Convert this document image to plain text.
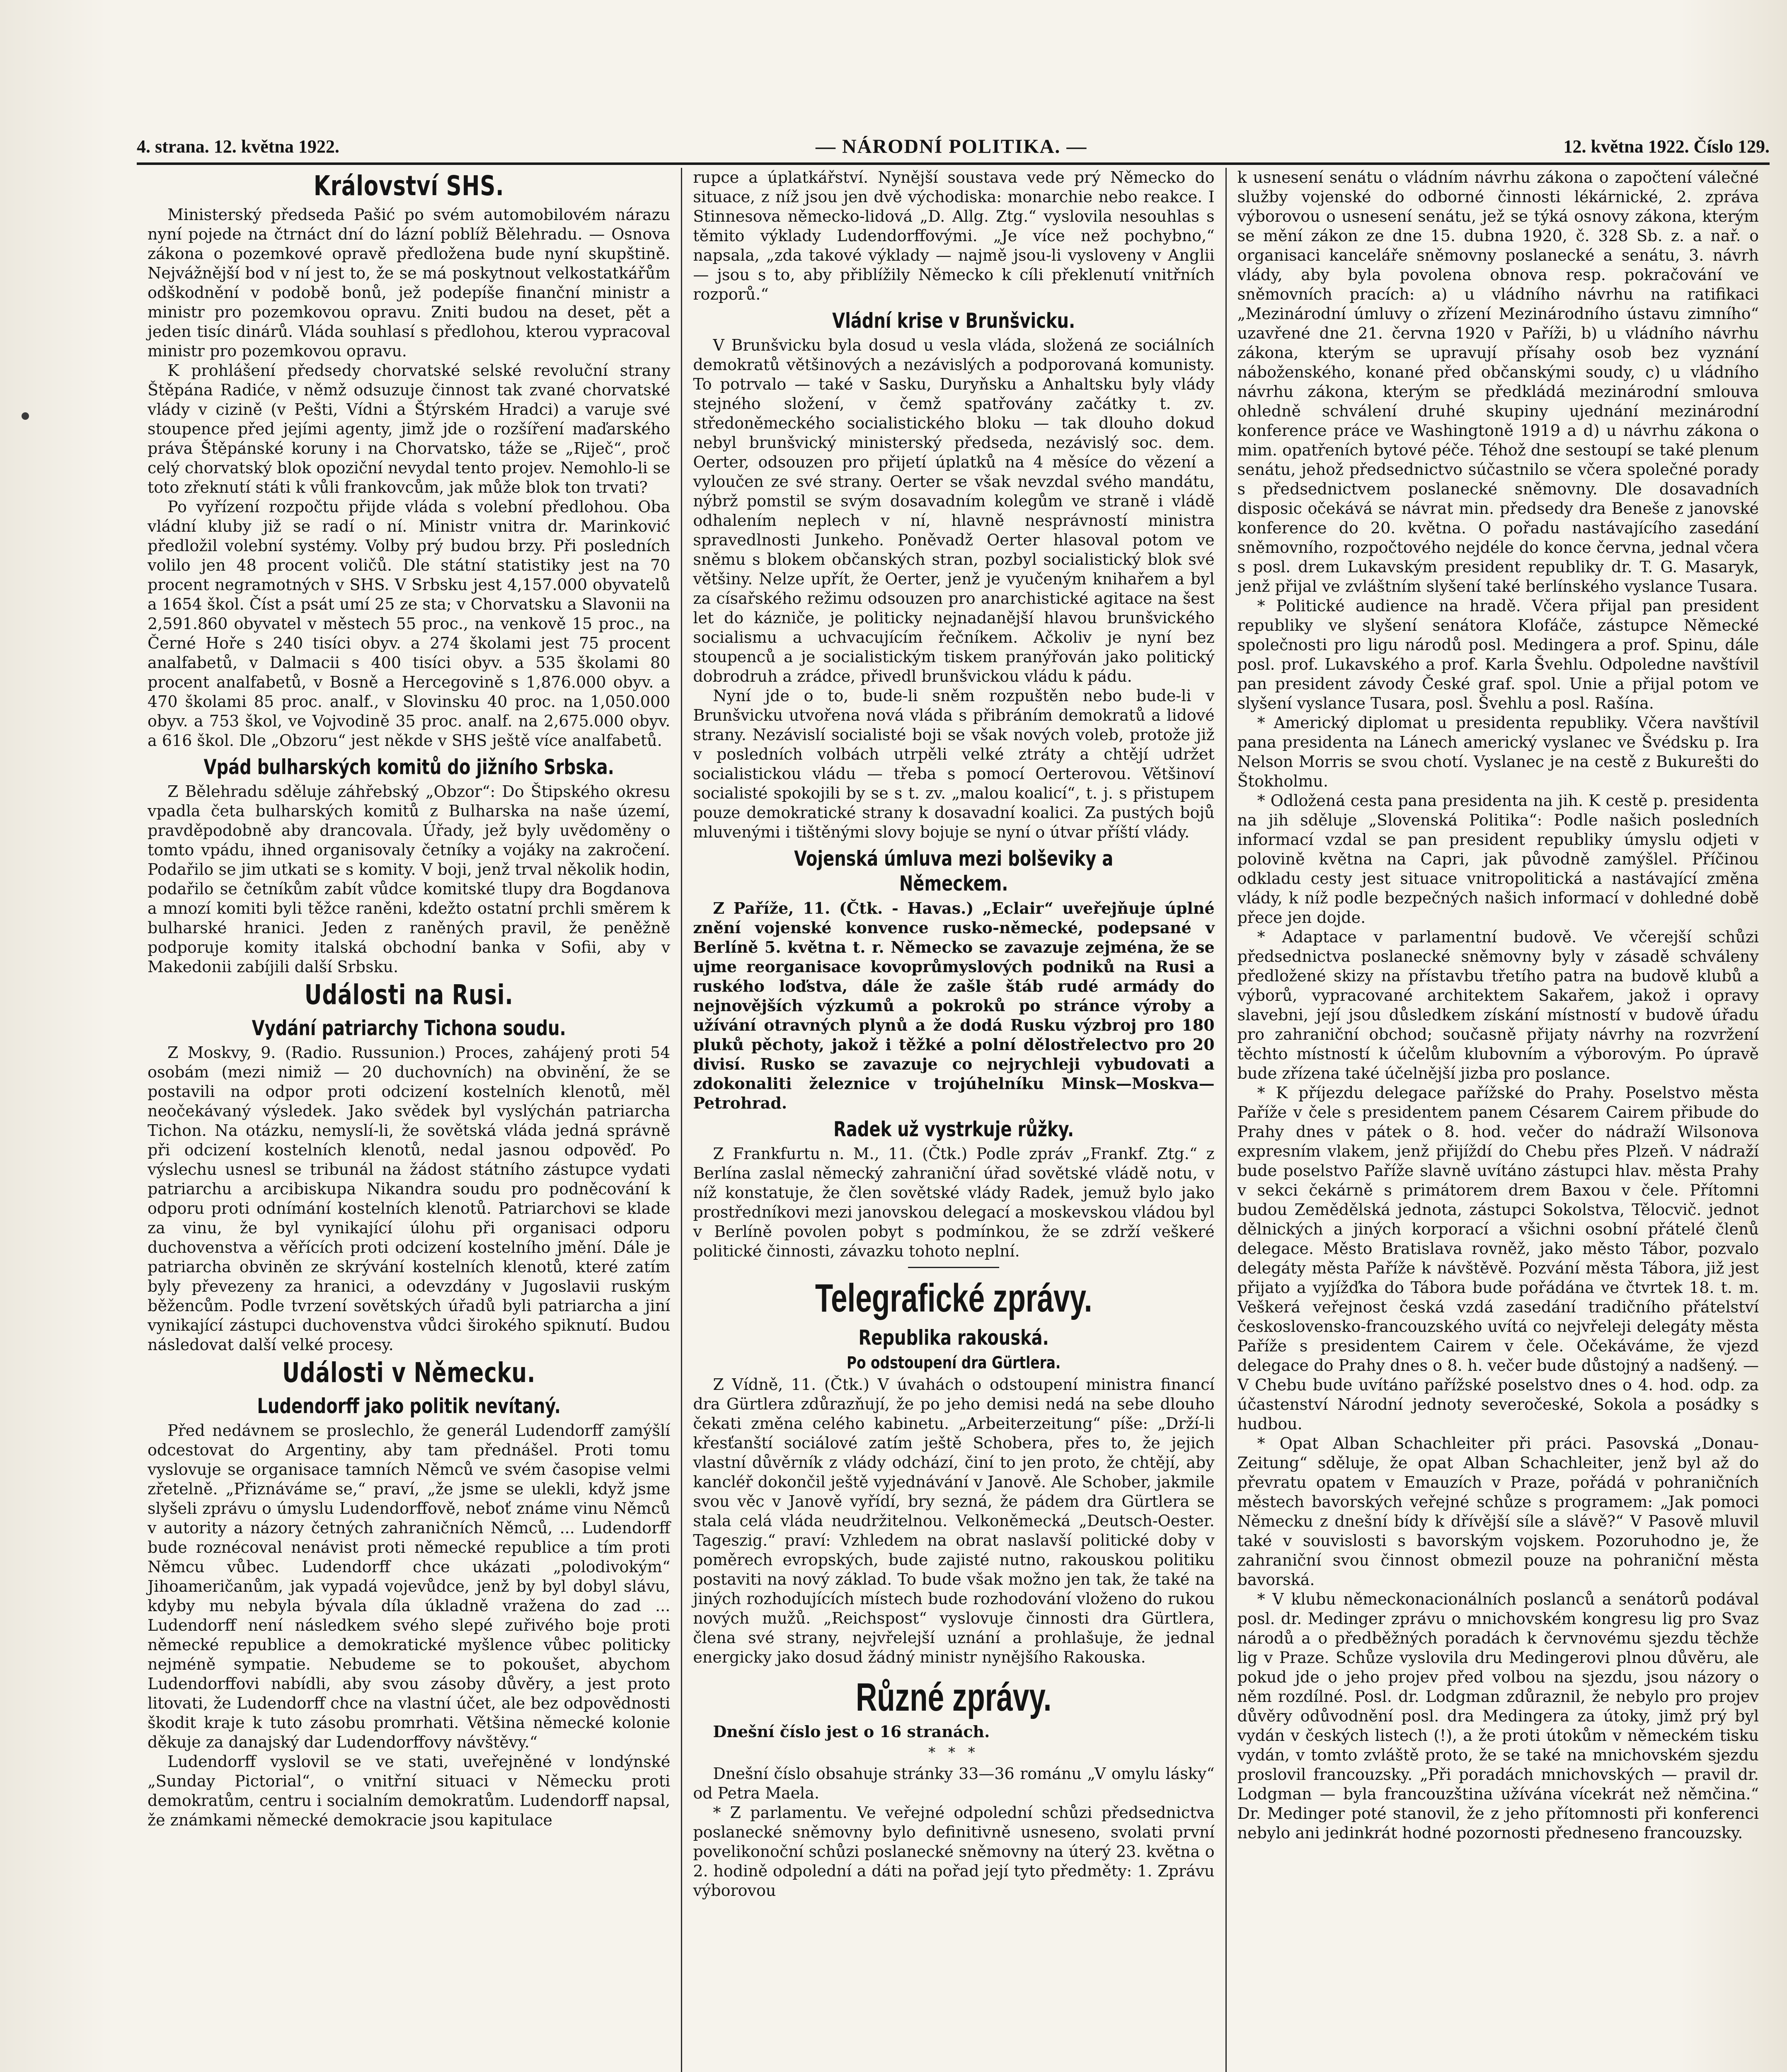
4. strana. 12. května 1922.	— NÁRODNÍ POLITIKA. —	12. května 1922. Číslo 129.
Království SHS.

Ministerský předseda Pašić po svém automobilovém nárazu nyní pojede na čtrnáct dní do lázní poblíž Bělehradu. — Osnova zákona o pozemkové opravě předložena bude nyní skupštině. Nejvážnější bod v ní jest to, že se má poskytnout velkostatkářům odškodnění v podobě bonů, jež podepíše finanční ministr a ministr pro pozemkovou opravu. Zniti budou na deset, pět a jeden tisíc dinárů. Vláda souhlasí s předlohou, kterou vypracoval ministr pro pozemkovou opravu.

K prohlášení předsedy chorvatské selské revoluční strany Štěpána Radiće, v němž odsuzuje činnost tak zvané chorvatské vlády v cizině (v Pešti, Vídni a Štýrském Hradci) a varuje své stoupence před jejími agenty, jimž jde o rozšíření maďarského práva Štěpánské koruny i na Chorvatsko, táže se „Riječ“, proč celý chorvatský blok opoziční nevydal tento projev. Nemohlo-li se toto zřeknutí státi k vůli frankovcům, jak může blok ton trvati?

Po vyřízení rozpočtu přijde vláda s volební předlohou. Oba vládní kluby již se radí o ní. Ministr vnitra dr. Marinković předložil volební systémy. Volby prý budou brzy. Při posledních volilo jen 48 procent voličů. Dle státní statistiky jest na 70 procent negramotných v SHS. V Srbsku jest 4,157.000 obyvatelů a 1654 škol. Číst a psát umí 25 ze sta; v Chorvatsku a Slavonii na 2,591.860 obyvatel v městech 55 proc., na venkově 15 proc., na Černé Hoře s 240 tisíci obyv. a 274 školami jest 75 procent analfabetů, v Dalmacii s 400 tisíci obyv. a 535 školami 80 procent analfabetů, v Bosně a Hercegovině s 1,876.000 obyv. a 470 školami 85 proc. analf., v Slovinsku 40 proc. na 1,050.000 obyv. a 753 škol, ve Vojvodině 35 proc. analf. na 2,675.000 obyv. a 616 škol. Dle „Obzoru“ jest někde v SHS ještě více analfabetů.

Vpád bulharských komitů do jižního Srbska.

Z Bělehradu sděluje záhřebský „Obzor“: Do Štipského okresu vpadla četa bulharských komitů z Bulharska na naše území, pravděpodobně aby drancovala. Úřady, jež byly uvědoměny o tomto vpádu, ihned organisovaly četníky a vojáky na zakročení. Podařilo se jim utkati se s komity. V boji, jenž trval několik hodin, podařilo se četníkům zabít vůdce komitské tlupy dra Bogdanova a mnozí komiti byli těžce raněni, kdežto ostatní prchli směrem k bulharské hranici. Jeden z raněných pravil, že peněžně podporuje komity italská obchodní banka v Sofii, aby v Makedonii zabíjili další Srbsku.

Události na Rusi.
Vydání patriarchy Tichona soudu.

Z Moskvy, 9. (Radio. Russunion.) Proces, zahájený proti 54 osobám (mezi nimiž — 20 duchovních) na obvinění, že se postavili na odpor proti odcizení kostelních klenotů, měl neočekávaný výsledek. Jako svědek byl vyslýchán patriarcha Tichon. Na otázku, nemyslí-li, že sovětská vláda jedná správně při odcizení kostelních klenotů, nedal jasnou odpověď. Po výslechu usnesl se tribunál na žádost státního zástupce vydati patriarchu a arcibiskupa Nikandra soudu pro podněcování k odporu proti odnímání kostelních klenotů. Patriarchovi se klade za vinu, že byl vynikající úlohu při organisaci odporu duchovenstva a věřících proti odcizení kostelního jmění. Dále je patriarcha obviněn ze skrývání kostelních klenotů, které zatím byly převezeny za hranici, a odevzdány v Jugoslavii ruským běžencům. Podle tvrzení sovětských úřadů byli patriarcha a jiní vynikající zástupci duchovenstva vůdci širokého spiknutí. Budou následovat další velké procesy.

Události v Německu.
Ludendorff jako politik nevítaný.

Před nedávnem se proslechlo, že generál Ludendorff zamýšlí odcestovat do Argentiny, aby tam přednášel. Proti tomu vyslovuje se organisace tamních Němců ve svém časopise velmi zřetelně. „Přiznáváme se,“ praví, „že jsme se ulekli, když jsme slyšeli zprávu o úmyslu Ludendorffově, neboť známe vinu Němců v autority a názory četných zahraničních Němců, ... Ludendorff bude roznécoval nenávist proti německé republice a tím proti Němcu vůbec. Ludendorff chce ukázati „polodivokým“ Jihoameričanům, jak vypadá vojevůdce, jenž by byl dobyl slávu, kdyby mu nebyla bývala díla úkladně vražena do zad ... Ludendorff není následkem svého slepé zuřivého boje proti německé republice a demokratické myšlence vůbec politicky nejméně sympatie. Nebudeme se to pokoušet, abychom Ludendorffovi nabídli, aby svou zásoby důvěry, a jest proto litovati, že Ludendorff chce na vlastní účet, ale bez odpovědnosti škodit kraje k tuto zásobu promrhati. Většina německé kolonie děkuje za danajský dar Ludendorffovy návštěvy.“

Ludendorff vyslovil se ve stati, uveřejněné v londýnské „Sunday Pictorial“, o vnitřní situaci v Německu proti demokratům, centru i socialním demokratům. Ludendorff napsal, že známkami německé demokracie jsou kapitulace

rupce a úplatkářství. Nynější soustava vede prý Německo do situace, z níž jsou jen dvě východiska: monarchie nebo reakce. I Stinnesova německo-lidová „D. Allg. Ztg.“ vyslovila nesouhlas s těmito výklady Ludendorffovými. „Je více než pochybno,“ napsala, „zda takové výklady — najmě jsou-li vysloveny v Anglii — jsou s to, aby přiblížily Německo k cíli překlenutí vnitřních rozporů.“

Vládní krise v Brunšvicku.

V Brunšvicku byla dosud u vesla vláda, složená ze sociálních demokratů většinových a nezávislých a podporovaná komunisty. To potrvalo — také v Sasku, Duryňsku a Anhaltsku byly vlády stejného složení, v čemž spatřovány začátky t. zv. středoněmeckého socialistického bloku — tak dlouho dokud nebyl brunšvický ministerský předseda, nezávislý soc. dem. Oerter, odsouzen pro přijetí úplatků na 4 měsíce do vězení a vyloučen ze své strany. Oerter se však nevzdal svého mandátu, nýbrž pomstil se svým dosavadním kolegům ve straně i vládě odhalením neplech v ní, hlavně nesprávností ministra spravedlnosti Junkeho. Poněvadž Oerter hlasoval potom ve sněmu s blokem občanských stran, pozbyl socialistický blok své většiny. Nelze upřít, že Oerter, jenž je vyučeným knihařem a byl za císařského režimu odsouzen pro anarchistické agitace na šest let do kázniče, je politicky nejnadanější hlavou brunšvického socialismu a uchvacujícím řečníkem. Ačkoliv je nyní bez stoupenců a je socialistickým tiskem pranýřován jako politický dobrodruh a zrádce, přivedl brunšvickou vládu k pádu.

Nyní jde o to, bude-li sněm rozpuštěn nebo bude-li v Brunšvicku utvořena nová vláda s přibráním demokratů a lidové strany. Nezávislí socialisté boji se však nových voleb, protože již v posledních volbách utrpěli velké ztráty a chtějí udržet socialistickou vládu — třeba s pomocí Oerterovou. Většinoví socialisté spokojili by se s t. zv. „malou koalicí“, t. j. s přistupem pouze demokratické strany k dosavadní koalici. Za pustých bojů mluvenými i tištěnými slovy bojuje se nyní o útvar příští vlády.

Vojenská úmluva mezi bolševiky a Německem.

Z Paříže, 11. (Čtk. - Havas.) „Eclair“ uveřejňuje úplné znění vojenské konvence rusko-německé, podepsané v Berlíně 5. května t. r. Německo se zavazuje zejména, že se ujme reorganisace kovoprůmyslových podniků na Rusi a ruského loďstva, dále že zašle štáb rudé armády do nejnovějších výzkumů a pokroků po stránce výroby a užívání otravných plynů a že dodá Rusku výzbroj pro 180 pluků pěchoty, jakož i těžké a polní dělostřelectvo pro 20 divisí. Rusko se zavazuje co nejrychleji vybudovati a zdokonaliti železnice v trojúhelníku Minsk—Moskva—Petrohrad.

Radek už vystrkuje růžky.

Z Frankfurtu n. M., 11. (Čtk.) Podle zpráv „Frankf. Ztg.“ z Berlína zaslal německý zahraniční úřad sovětské vládě notu, v níž konstatuje, že člen sovětské vlády Radek, jemuž bylo jako prostředníkovi mezi janovskou delegací a moskevskou vládou byl v Berlíně povolen pobyt s podmínkou, že se zdrží veškeré politické činnosti, závazku tohoto neplní.

Telegrafické zprávy.
Republika rakouská.
Po odstoupení dra Gürtlera.

Z Vídně, 11. (Čtk.) V úvahách o odstoupení ministra financí dra Gürtlera zdůrazňují, že po jeho demisi nedá na sebe dlouho čekati změna celého kabinetu. „Arbeiterzeitung“ píše: „Drží-li křesťanští sociálové zatím ještě Schobera, přes to, že jejich vlastní důvěrník z vlády odchází, činí to jen proto, že chtějí, aby kancléř dokončil ještě vyjednávání v Janově. Ale Schober, jakmile svou věc v Janově vyřídí, bry sezná, že pádem dra Gürtlera se stala celá vláda neudržitelnou. Velkoněmecká „Deutsch-Oester. Tageszig.“ praví: Vzhledem na obrat naslavší politické doby v poměrech evropských, bude zajisté nutno, rakouskou politiku postaviti na nový základ. To bude však možno jen tak, že také na jiných rozhodujících místech bude rozhodování vloženo do rukou nových mužů. „Reichspost“ vyslovuje činnosti dra Gürtlera, člena své strany, nejvřelejší uznání a prohlašuje, že jednal energicky jako dosud žádný ministr nynějšího Rakouska.

Různé zprávy.

Dnešní číslo jest o 16 stranách.

* * *

Dnešní číslo obsahuje stránky 33—36 románu „V omylu lásky“ od Petra Maela.

* Z parlamentu. Ve veřejné odpolední schůzi předsednictva poslanecké sněmovny bylo definitivně usneseno, svolati první povelikonoční schůzi poslanecké sněmovny na úterý 23. května o 2. hodině odpolední a dáti na pořad její tyto předměty: 1. Zprávu výborovou

k usnesení senátu o vládním návrhu zákona o započtení válečné služby vojenské do odborné činnosti lékárnické, 2. zpráva výborovou o usnesení senátu, jež se týká osnovy zákona, kterým se mění zákon ze dne 15. dubna 1920, č. 328 Sb. z. a nař. o organisaci kanceláře sněmovny poslanecké a senátu, 3. návrh vlády, aby byla povolena obnova resp. pokračování ve sněmovních pracích: a) u vládního návrhu na ratifikaci „Mezinárodní úmluvy o zřízení Mezinárodního ústavu zimního“ uzavřené dne 21. června 1920 v Paříži, b) u vládního návrhu zákona, kterým se upravují přísahy osob bez vyznání náboženského, konané před občanskými soudy, c) u vládního návrhu zákona, kterým se předkládá mezinárodní smlouva ohledně schválení druhé skupiny ujednání mezinárodní konference práce ve Washingtoně 1919 a d) u návrhu zákona o mim. opatřeních bytové péče. Téhož dne sestoupí se také plenum senátu, jehož předsednictvo súčastnilo se včera společné porady s předsednictvem poslanecké sněmovny. Dle dosavadních disposic očekává se návrat min. předsedy dra Beneše z janovské konference do 20. května. O pořadu nastávajícího zasedání sněmovního, rozpočtového nejdéle do konce června, jednal včera s posl. drem Lukavským president republiky dr. T. G. Masaryk, jenž přijal ve zvláštním slyšení také berlínského vyslance Tusara.

* Politické audience na hradě. Včera přijal pan president republiky ve slyšení senátora Klofáče, zástupce Německé společnosti pro ligu národů posl. Medingera a prof. Spinu, dále posl. prof. Lukavského a prof. Karla Švehlu. Odpoledne navštívil pan president závody České graf. spol. Unie a přijal potom ve slyšení vyslance Tusara, posl. Švehlu a posl. Rašína.

* Americký diplomat u presidenta republiky. Včera navštívil pana presidenta na Lánech americký vyslanec ve Švédsku p. Ira Nelson Morris se svou chotí. Vyslanec je na cestě z Bukurešti do Štokholmu.

* Odložená cesta pana presidenta na jih. K cestě p. presidenta na jih sděluje „Slovenská Politika“: Podle našich posledních informací vzdal se pan president republiky úmyslu odjeti v polovině května na Capri, jak původně zamýšlel. Příčinou odkladu cesty jest situace vnitropolitická a nastávající změna vlády, k níž podle bezpečných našich informací v dohledné době přece jen dojde.

* Adaptace v parlamentní budově. Ve včerejší schůzi předsednictva poslanecké sněmovny byly v zásadě schváleny předložené skizy na přístavbu třetího patra na budově klubů a výborů, vypracované architektem Sakařem, jakož i opravy slavebni, její jsou důsledkem získání místností v budově úřadu pro zahraniční obchod; současně přijaty návrhy na rozvržení těchto místností k účelům klubovním a výborovým. Po úpravě bude zřízena také účelnější jizba pro poslance.

* K příjezdu delegace pařížské do Prahy. Poselstvo města Paříže v čele s presidentem panem Césarem Cairem přibude do Prahy dnes v pátek o 8. hod. večer do nádraží Wilsonova expresním vlakem, jenž přijíždí do Chebu přes Plzeň. V nádraží bude poselstvo Paříže slavně uvítáno zástupci hlav. města Prahy v sekci čekárně s primátorem drem Baxou v čele. Přítomni budou Zemědělská jednota, zástupci Sokolstva, Tělocvič. jednot dělnických a jiných korporací a všichni osobní přátelé členů delegace. Město Bratislava rovněž, jako město Tábor, pozvalo delegáty města Paříže k návštěvě. Pozvání města Tábora, již jest přijato a vyjížďka do Tábora bude pořádána ve čtvrtek 18. t. m. Veškerá veřejnost česká vzdá zasedání tradičního přátelství československo-francouzského uvítá co nejvřeleji delegáty města Paříže s presidentem Cairem v čele. Očekáváme, že vjezd delegace do Prahy dnes o 8. h. večer bude důstojný a nadšený. — V Chebu bude uvítáno pařížské poselstvo dnes o 4. hod. odp. za účastenství Národní jednoty severočeské, Sokola a posádky s hudbou.

* Opat Alban Schachleiter při práci. Pasovská „Donau-Zeitung“ sděluje, že opat Alban Schachleiter, jenž byl až do převratu opatem v Emauzích v Praze, pořádá v pohraničních městech bavorských veřejné schůze s programem: „Jak pomoci Německu z dnešní bídy k dřívější síle a slávě?“ V Pasově mluvil také v souvislosti s bavorským vojskem. Pozoruhodno je, že zahraniční svou činnost obmezil pouze na pohraniční města bavorská.

* V klubu německonacionálních poslanců a senátorů podával posl. dr. Medinger zprávu o mnichovském kongresu lig pro Svaz národů a o předběžných poradách k červnovému sjezdu těchže lig v Praze. Schůze vyslovila dru Medingerovi plnou důvěru, ale pokud jde o jeho projev před volbou na sjezdu, jsou názory o něm rozdílné. Posl. dr. Lodgman zdůraznil, že nebylo pro projev důvěry odůvodnění posl. dra Medingera za útoky, jimž prý byl vydán v českých listech (!), a že proti útokům v německém tisku vydán, v tomto zvláště proto, že se také na mnichovském sjezdu proslovil francouzsky. „Při poradách mnichovských — pravil dr. Lodgman — byla francouzština užívána vícekrát než němčina.“ Dr. Medinger poté stanovil, že z jeho přítomnosti při konferenci nebylo ani jedinkrát hodné pozornosti předneseno francouzsky.
